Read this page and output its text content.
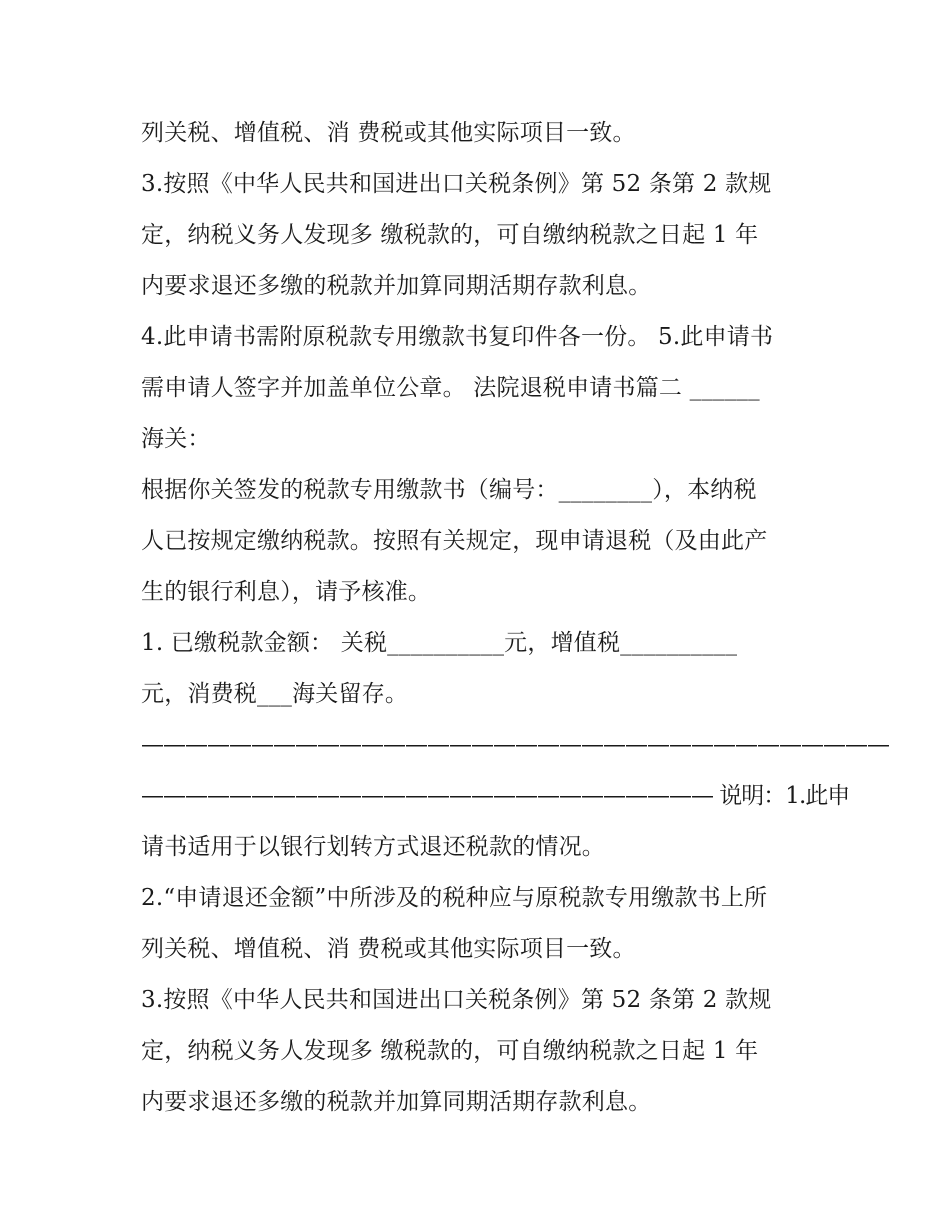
列关税、增值税、消 费税或其他实际项目一致。
3.按照《中华人民共和国进出口关税条例》第 52 条第 2 款规
定，纳税义务人发现多 缴税款的，可自缴纳税款之日起 1 年
内要求退还多缴的税款并加算同期活期存款利息。
4.此申请书需附原税款专用缴款书复印件各一份。 5.此申请书
需申请人签字并加盖单位公章。 法院退税申请书篇二 ______
海关：
根据你关签发的税款专用缴款书（编号：________），本纳税
人已按规定缴纳税款。按照有关规定，现申请退税（及由此产
生的银行利息），请予核准。
1. 已缴税款金额： 关税__________元，增值税__________
元，消费税___海关留存。
——————————————————————————————————
—————————————————————————— 说明：1.此申
请书适用于以银行划转方式退还税款的情况。
2.“申请退还金额”中所涉及的税种应与原税款专用缴款书上所
列关税、增值税、消 费税或其他实际项目一致。
3.按照《中华人民共和国进出口关税条例》第 52 条第 2 款规
定，纳税义务人发现多 缴税款的，可自缴纳税款之日起 1 年
内要求退还多缴的税款并加算同期活期存款利息。
